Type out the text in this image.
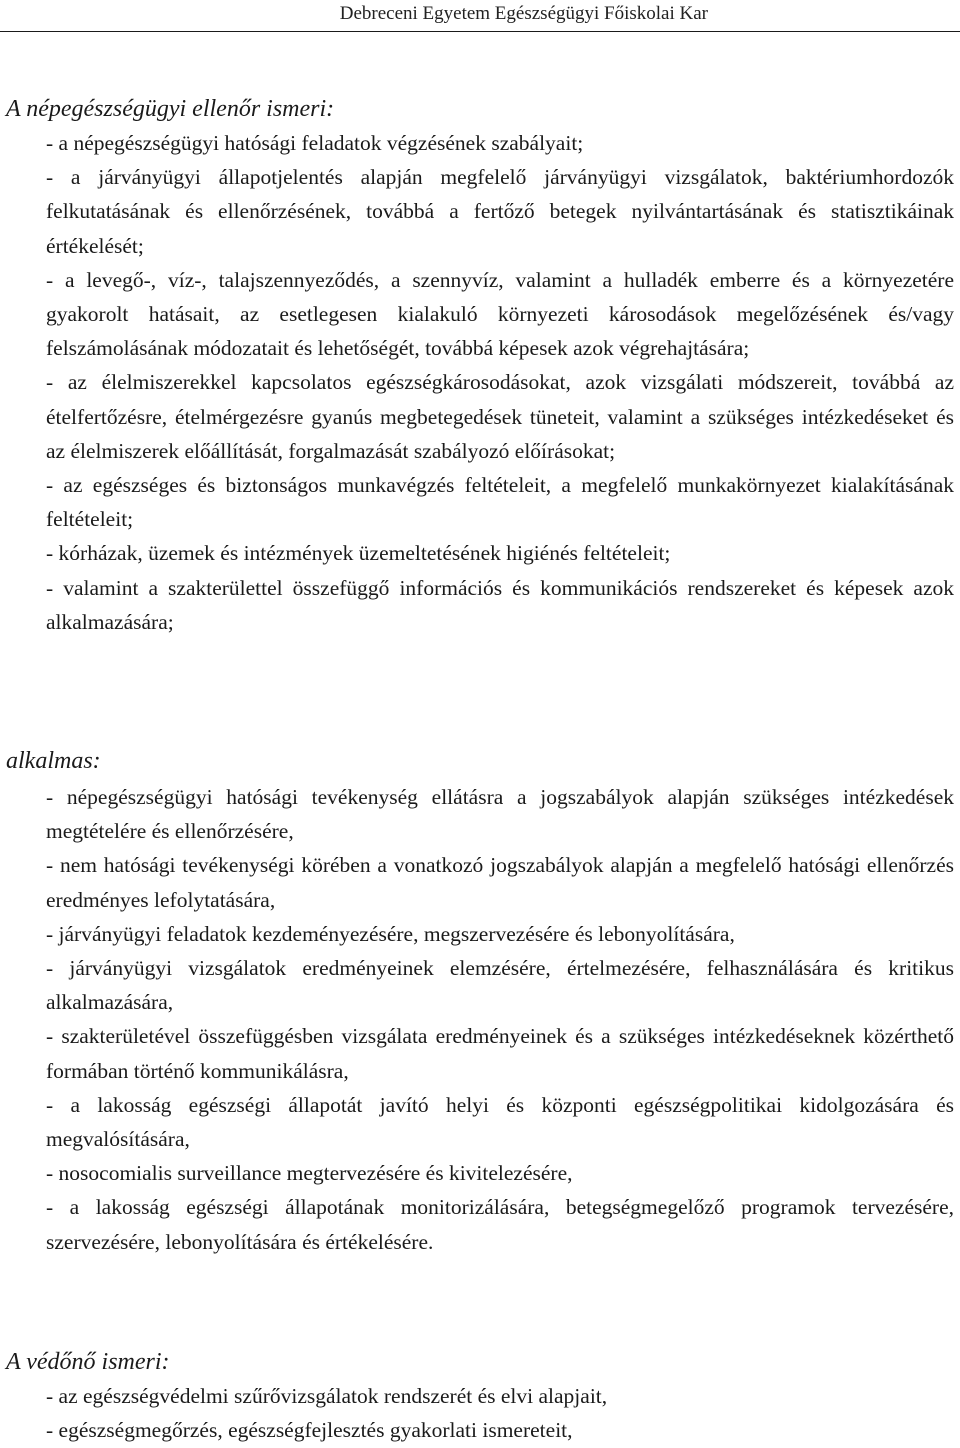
Debreceni Egyetem Egészségügyi Főiskolai Kar
A népegészségügyi ellenőr ismeri:

- a népegészségügyi hatósági feladatok végzésének szabályait;

- a járványügyi állapotjelentés alapján megfelelő járványügyi vizsgálatok, baktériumhordozók felkutatásának és ellenőrzésének, továbbá a fertőző betegek nyilvántartásának és statisztikáinak értékelését;

- a levegő-, víz-, talajszennyeződés, a szennyvíz, valamint a hulladék emberre és a környezetére gyakorolt hatásait, az esetlegesen kialakuló környezeti károsodások megelőzésének és/vagy felszámolásának módozatait és lehetőségét, továbbá képesek azok végrehajtására;

- az élelmiszerekkel kapcsolatos egészségkárosodásokat, azok vizsgálati módszereit, továbbá az ételfertőzésre, ételmérgezésre gyanús megbetegedések tüneteit, valamint a szükséges intézkedéseket és az élelmiszerek előállítását, forgalmazását szabályozó előírásokat;

- az egészséges és biztonságos munkavégzés feltételeit, a megfelelő munkakörnyezet kialakításának feltételeit;

- kórházak, üzemek és intézmények üzemeltetésének higiénés feltételeit;

- valamint a szakterülettel összefüggő információs és kommunikációs rendszereket és képesek azok alkalmazására;

alkalmas:

- népegészségügyi hatósági tevékenység ellátásra a jogszabályok alapján szükséges intézkedések megtételére és ellenőrzésére,

- nem hatósági tevékenységi körében a vonatkozó jogszabályok alapján a megfelelő hatósági ellenőrzés eredményes lefolytatására,

- járványügyi feladatok kezdeményezésére, megszervezésére és lebonyolítására,

- járványügyi vizsgálatok eredményeinek elemzésére, értelmezésére, felhasználására és kritikus alkalmazására,

- szakterületével összefüggésben vizsgálata eredményeinek és a szükséges intézkedéseknek közérthető formában történő kommunikálásra,

- a lakosság egészségi állapotát javító helyi és központi egészségpolitikai kidolgozására és megvalósítására,

- nosocomialis surveillance megtervezésére és kivitelezésére,

- a lakosság egészségi állapotának monitorizálására, betegségmegelőző programok tervezésére, szervezésére, lebonyolítására és értékelésére.

A védőnő ismeri:

- az egészségvédelmi szűrővizsgálatok rendszerét és elvi alapjait,

- egészségmegőrzés, egészségfejlesztés gyakorlati ismereteit,
